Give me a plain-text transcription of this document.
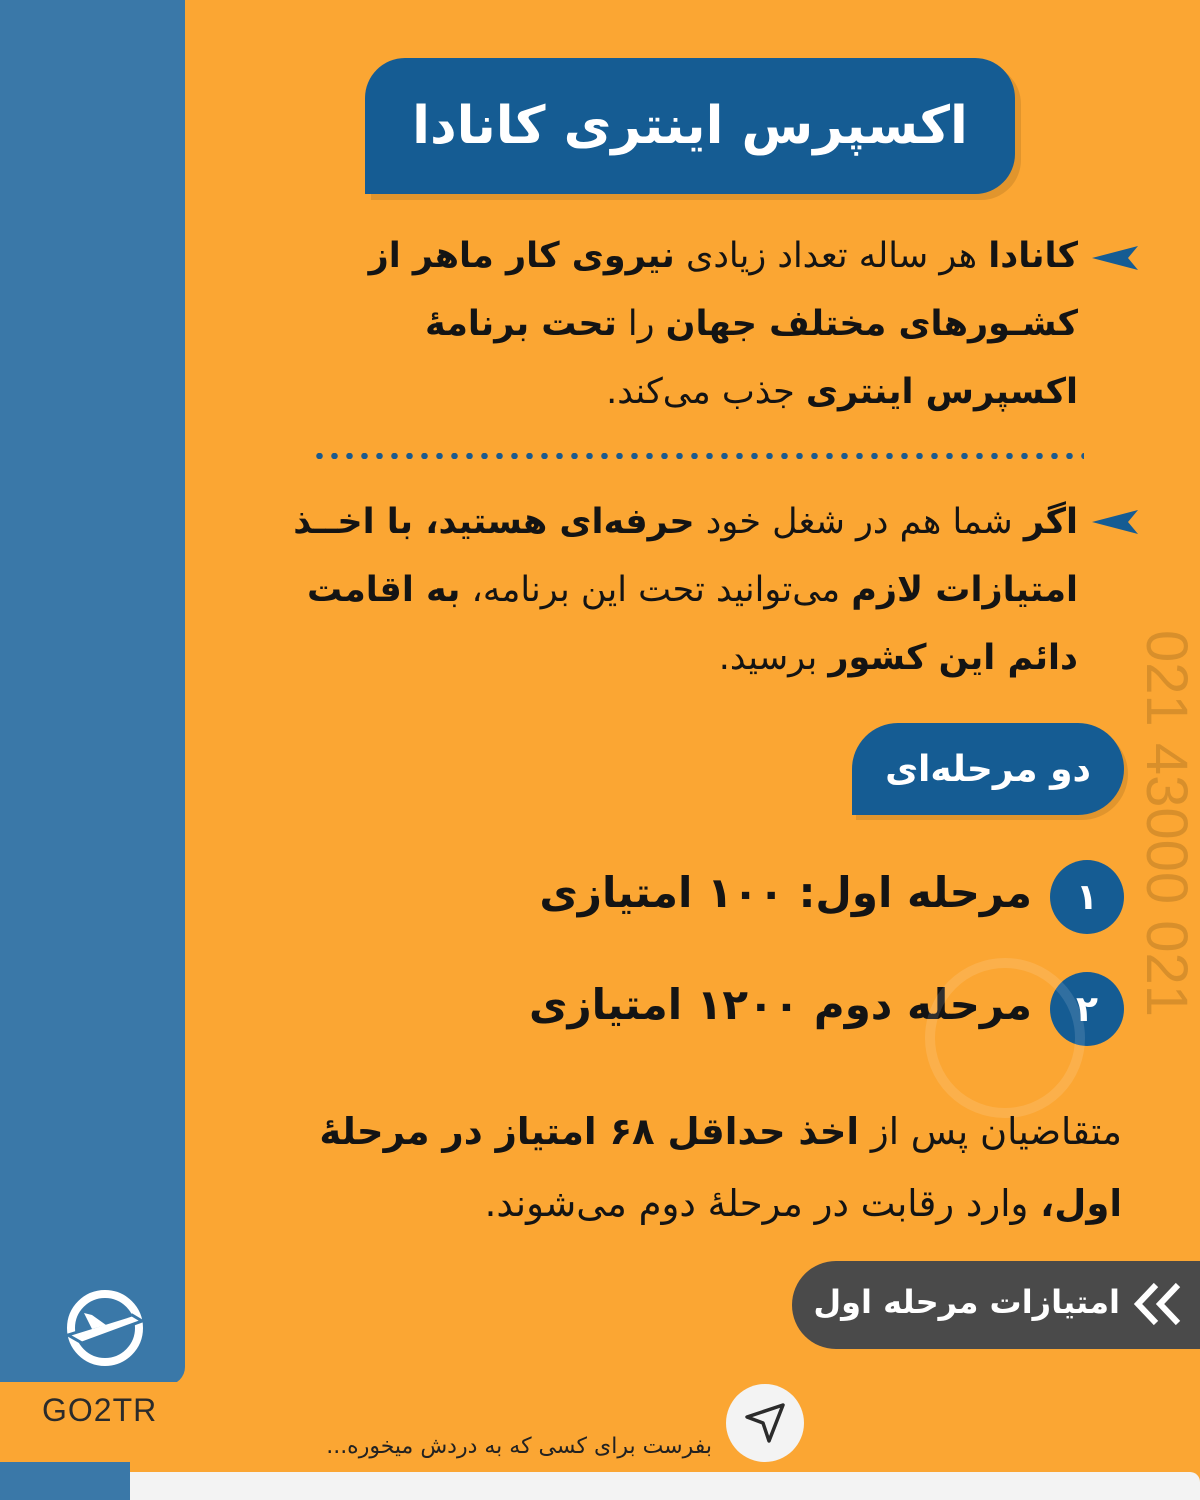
GO2TR
اکسپرس اینتری کانادا
کانادا هر ساله تعداد زیادی نیروی کار ماهر از کشـورهای مختلف جهان را تحت برنامهٔ اکسپرس اینتری جذب می‌کند.
اگر شما هم در شغل خود حرفه‌ای هستید، با اخــذ امتیازات لازم می‌توانید تحت این برنامه، به اقامت دائم این کشور برسید.
دو مرحله‌ای
۱
مرحله اول: ۱۰۰ امتیازی
۲
مرحله دوم ۱۲۰۰ امتیازی 021 43000 021
متقاضیان پس از اخذ حداقل ۶۸ امتیاز در مرحلهٔ اول، وارد رقابت در مرحلهٔ دوم می‌شوند.
امتیازات مرحله اول
بفرست برای کسی که به دردش میخوره...
